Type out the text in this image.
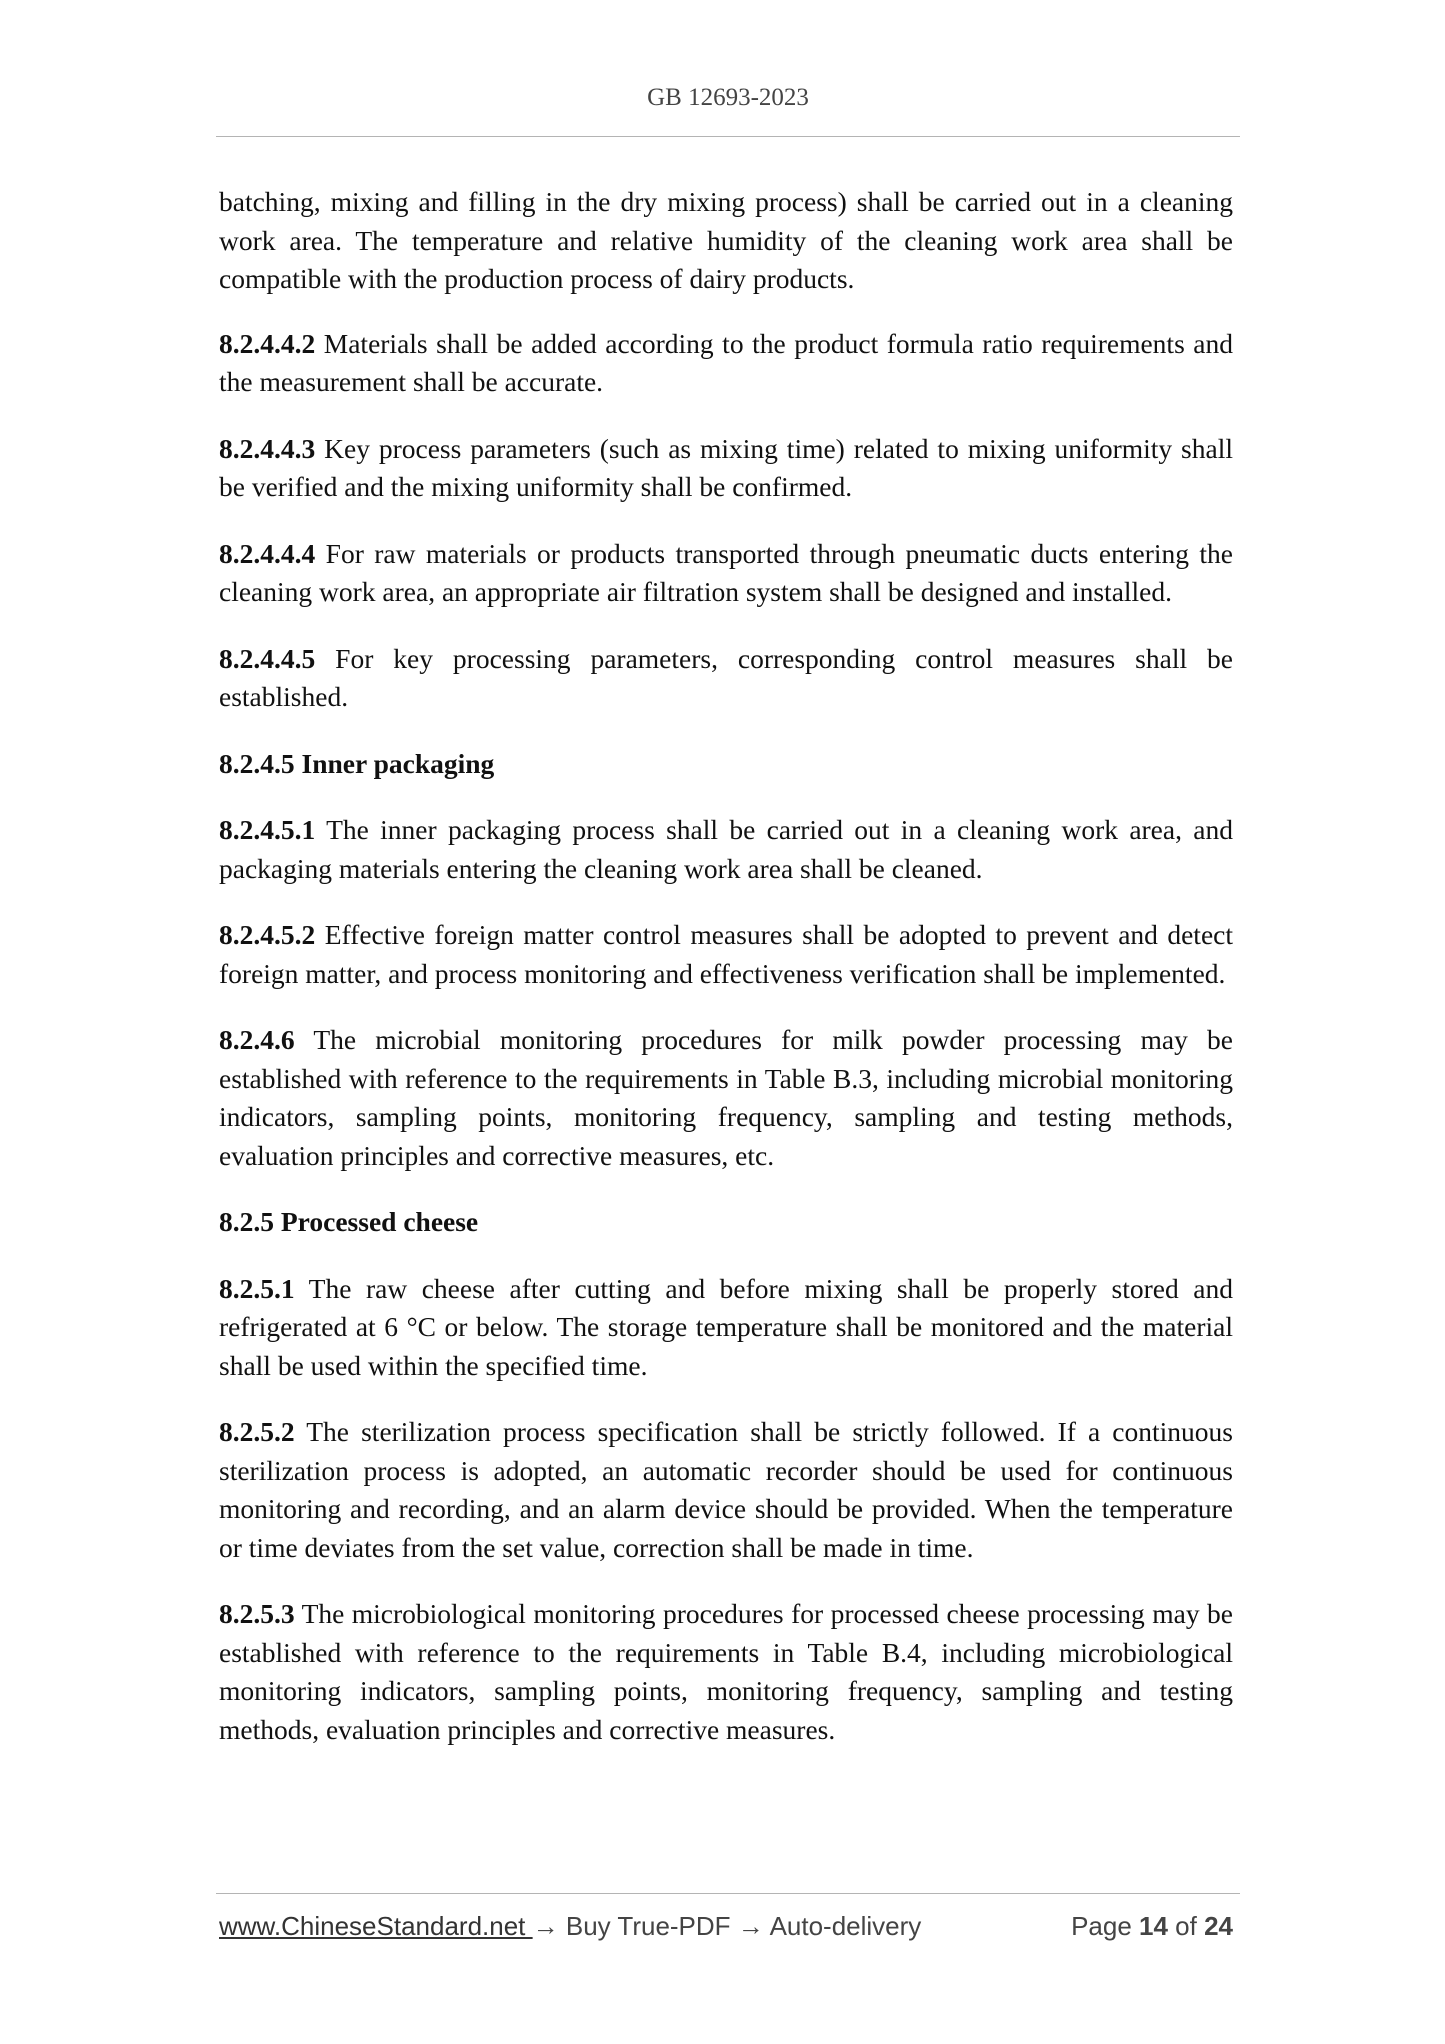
GB 12693-2023

batching, mixing and filling in the dry mixing process) shall be carried out in a cleaning work area. The temperature and relative humidity of the cleaning work area shall be compatible with the production process of dairy products.

8.2.4.4.2 Materials shall be added according to the product formula ratio requirements and the measurement shall be accurate.

8.2.4.4.3 Key process parameters (such as mixing time) related to mixing uniformity shall be verified and the mixing uniformity shall be confirmed.

8.2.4.4.4 For raw materials or products transported through pneumatic ducts entering the cleaning work area, an appropriate air filtration system shall be designed and installed.

8.2.4.4.5 For key processing parameters, corresponding control measures shall be established.

8.2.4.5 Inner packaging

8.2.4.5.1 The inner packaging process shall be carried out in a cleaning work area, and packaging materials entering the cleaning work area shall be cleaned.

8.2.4.5.2 Effective foreign matter control measures shall be adopted to prevent and detect foreign matter, and process monitoring and effectiveness verification shall be implemented.

8.2.4.6 The microbial monitoring procedures for milk powder processing may be established with reference to the requirements in Table B.3, including microbial monitoring indicators, sampling points, monitoring frequency, sampling and testing methods, evaluation principles and corrective measures, etc.

8.2.5 Processed cheese

8.2.5.1 The raw cheese after cutting and before mixing shall be properly stored and refrigerated at 6 °C or below. The storage temperature shall be monitored and the material shall be used within the specified time.

8.2.5.2 The sterilization process specification shall be strictly followed. If a continuous sterilization process is adopted, an automatic recorder should be used for continuous monitoring and recording, and an alarm device should be provided. When the temperature or time deviates from the set value, correction shall be made in time.

8.2.5.3 The microbiological monitoring procedures for processed cheese processing may be established with reference to the requirements in Table B.4, including microbiological monitoring indicators, sampling points, monitoring frequency, sampling and testing methods, evaluation principles and corrective measures.

www.ChineseStandard.net → Buy True-PDF → Auto-delivery	Page 14 of 24
